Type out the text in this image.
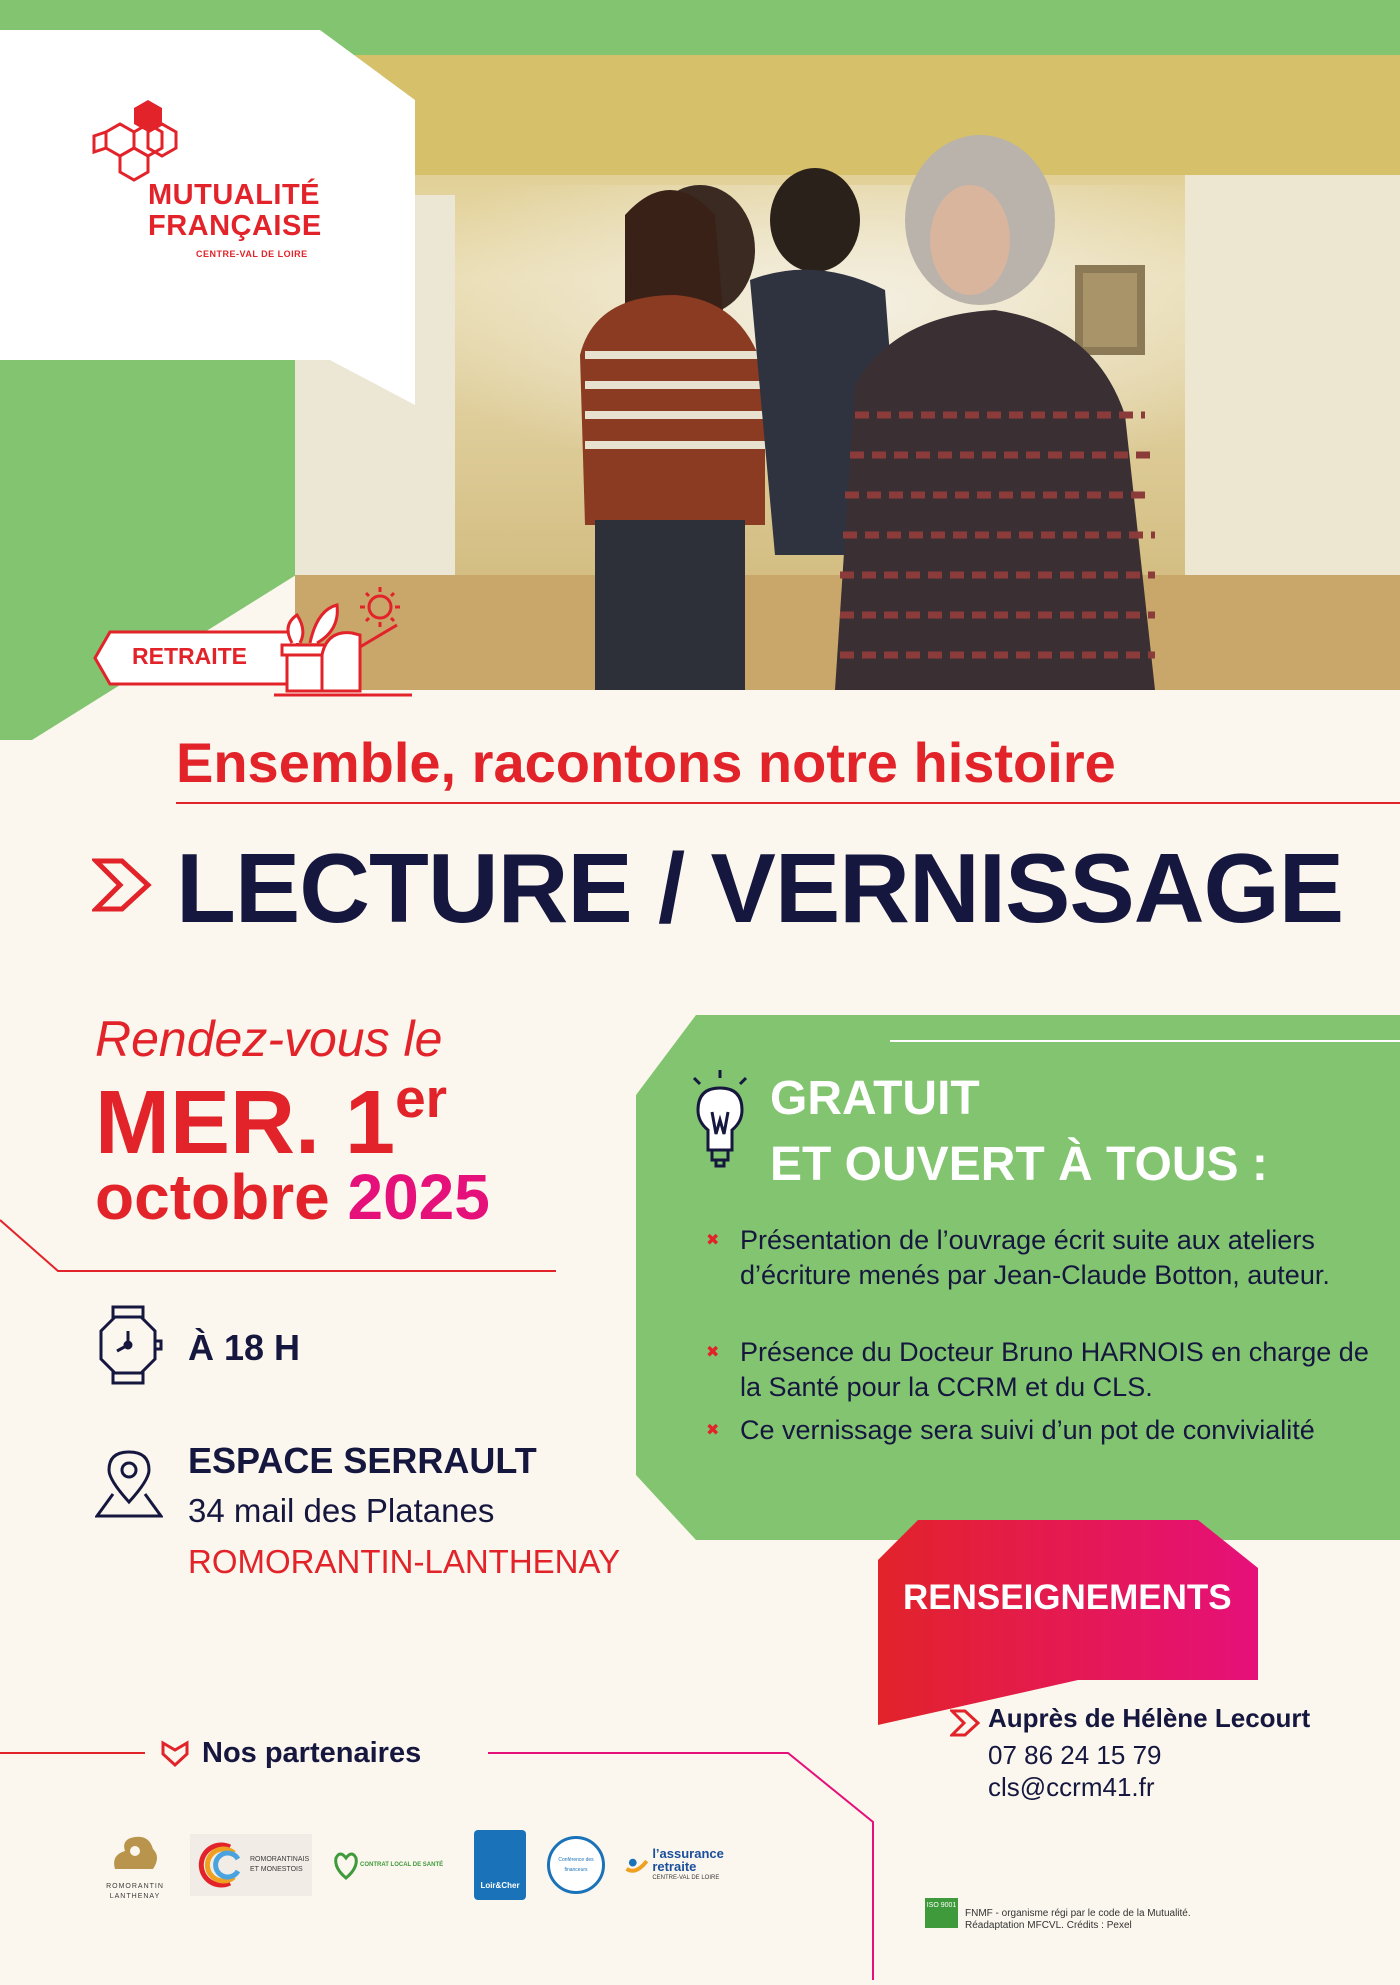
MUTUALITÉ
FRANÇAISE
CENTRE-VAL DE LOIRE
RETRAITE
Ensemble, racontons notre histoire
LECTURE / VERNISSAGE
Rendez-vous le
MER. 1er
octobre 2025
À 18 H
ESPACE SERRAULT
34 mail des Platanes
ROMORANTIN-LANTHENAY
GRATUIT
ET OUVERT À TOUS :
✖ Présentation de l’ouvrage écrit suite aux ateliers d’écriture menés par Jean-Claude Botton, auteur.
✖ Présence du Docteur Bruno HARNOIS en charge de la Santé pour la CCRM et du CLS.
✖ Ce vernissage sera suivi d’un pot de convivialité
RENSEIGNEMENTS
Auprès de Hélène Lecourt
07 86 24 15 79
cls@ccrm41.fr
Nos partenaires
ROMORANTIN LANTHENAY
ROMORANTINAIS ET MONESTOIS
CONTRAT LOCAL DE SANTÉ
Loir&Cher
Conférence des financeurs
l’assurance retraite
CENTRE-VAL DE LOIRE
ISO 9001
FNMF - organisme régi par le code de la Mutualité.
Réadaptation MFCVL. Crédits : Pexel
